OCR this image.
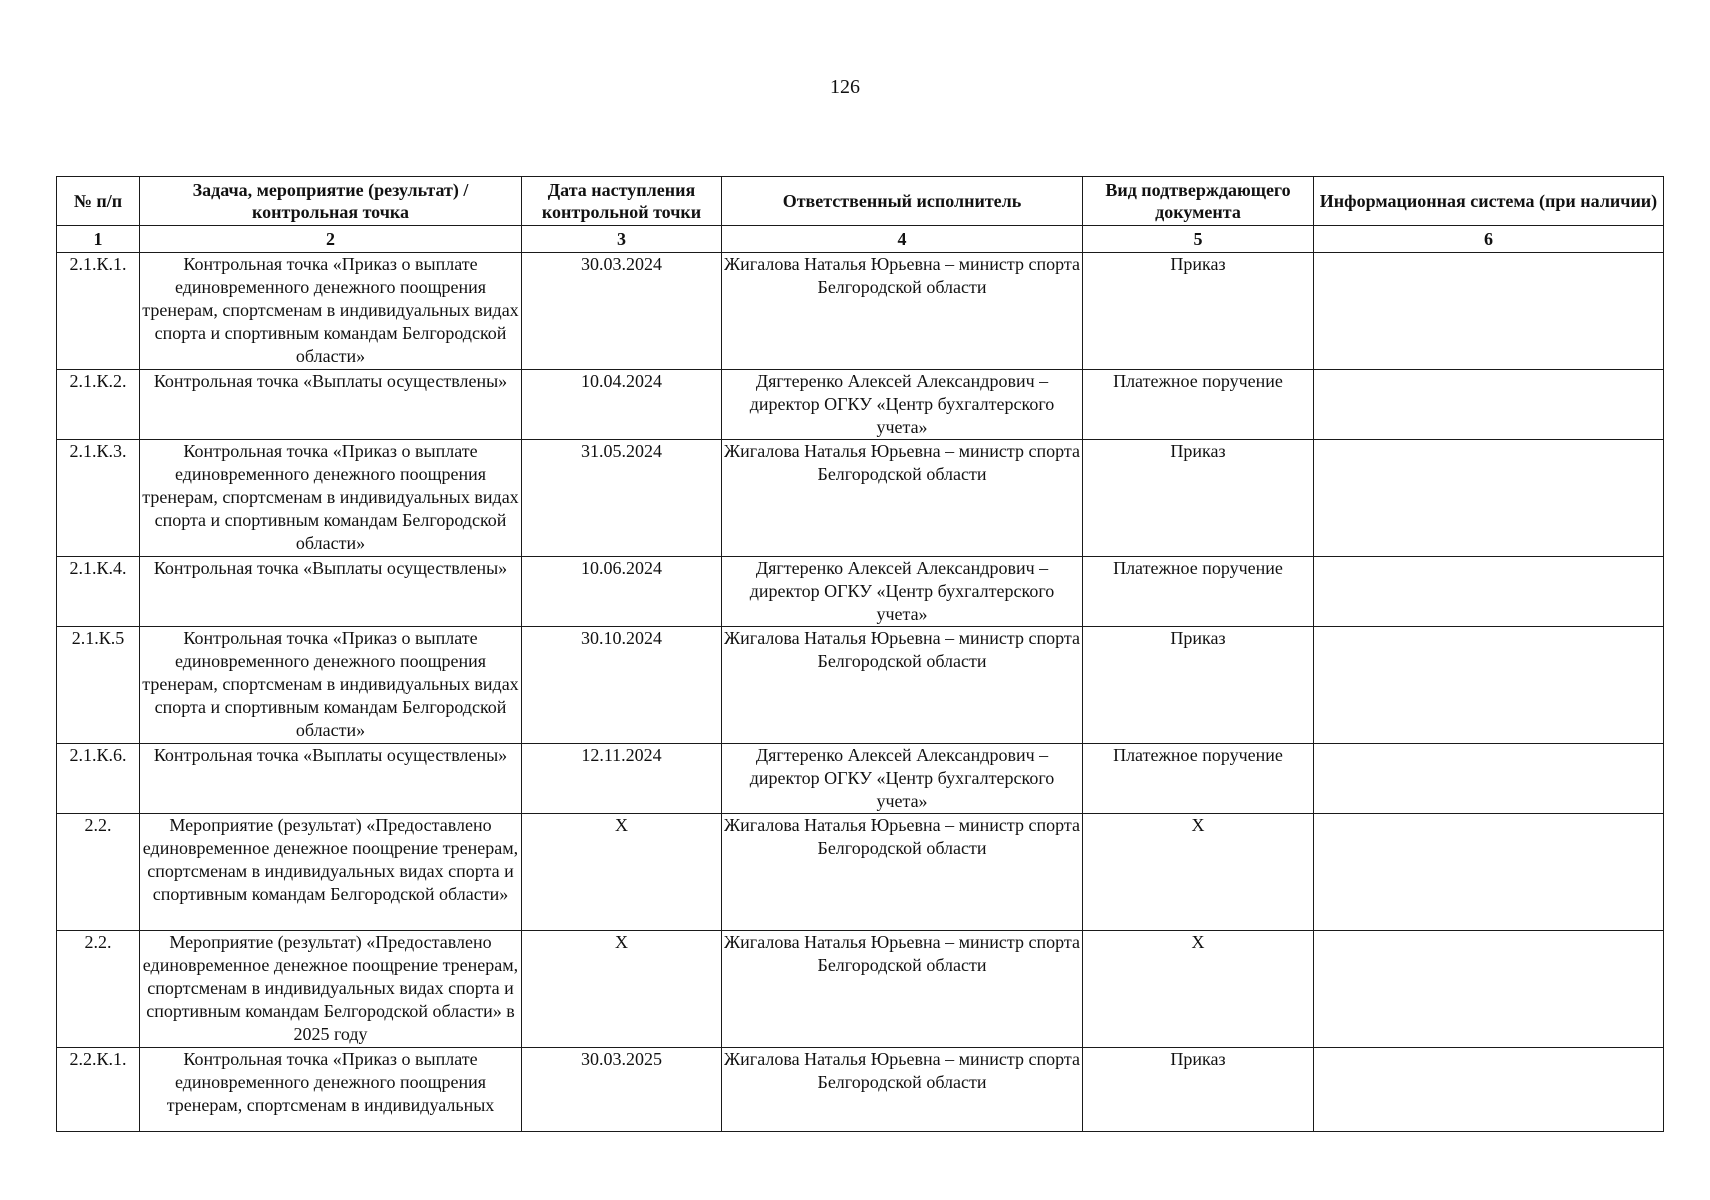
126
№ п/п	Задача, мероприятие (результат) / контрольная точка	Дата наступления контрольной точки	Ответственный исполнитель	Вид подтверждающего документа	Информационная система (при наличии)
1	2	3	4	5	6
2.1.К.1.	Контрольная точка «Приказ о выплате единовременного денежного поощрения тренерам, спортсменам в индивидуальных видах спорта и спортивным командам Белгородской области»	30.03.2024	Жигалова Наталья Юрьевна – министр спорта Белгородской области	Приказ	
2.1.К.2.	Контрольная точка «Выплаты осуществлены»	10.04.2024	Дягтеренко Алексей Александрович – директор ОГКУ «Центр бухгалтерского учета»	Платежное поручение	
2.1.К.3.	Контрольная точка «Приказ о выплате единовременного денежного поощрения тренерам, спортсменам в индивидуальных видах спорта и спортивным командам Белгородской области»	31.05.2024	Жигалова Наталья Юрьевна – министр спорта Белгородской области	Приказ	
2.1.К.4.	Контрольная точка «Выплаты осуществлены»	10.06.2024	Дягтеренко Алексей Александрович – директор ОГКУ «Центр бухгалтерского учета»	Платежное поручение	
2.1.К.5	Контрольная точка «Приказ о выплате единовременного денежного поощрения тренерам, спортсменам в индивидуальных видах спорта и спортивным командам Белгородской области»	30.10.2024	Жигалова Наталья Юрьевна – министр спорта Белгородской области	Приказ	
2.1.К.6.	Контрольная точка «Выплаты осуществлены»	12.11.2024	Дягтеренко Алексей Александрович – директор ОГКУ «Центр бухгалтерского учета»	Платежное поручение	
2.2.	Мероприятие (результат) «Предоставлено единовременное денежное поощрение тренерам, спортсменам в индивидуальных видах спорта и спортивным командам Белгородской области»	X	Жигалова Наталья Юрьевна – министр спорта Белгородской области	X	
2.2.	Мероприятие (результат) «Предоставлено единовременное денежное поощрение тренерам, спортсменам в индивидуальных видах спорта и спортивным командам Белгородской области» в 2025 году	X	Жигалова Наталья Юрьевна – министр спорта Белгородской области	X	
2.2.К.1.	Контрольная точка «Приказ о выплате единовременного денежного поощрения тренерам, спортсменам в индивидуальных	30.03.2025	Жигалова Наталья Юрьевна – министр спорта Белгородской области	Приказ	
